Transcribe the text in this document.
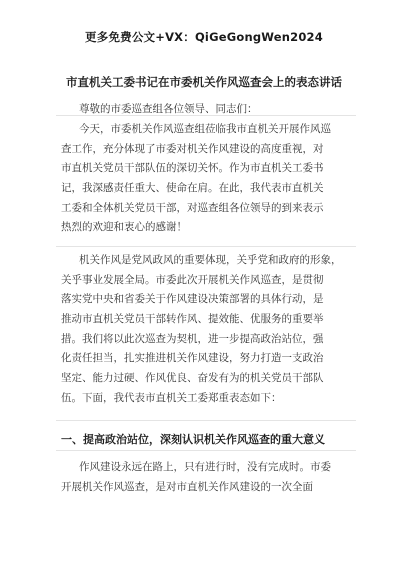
更多免费公文+VX：QiGeGongWen2024
市直机关工委书记在市委机关作风巡查会上的表态讲话
尊敬的市委巡查组各位领导、同志们：
今天，市委机关作风巡查组莅临我市直机关开展作风巡
查工作，充分体现了市委对机关作风建设的高度重视，对
市直机关党员干部队伍的深切关怀。作为市直机关工委书
记，我深感责任重大、使命在肩。在此，我代表市直机关
工委和全体机关党员干部，对巡查组各位领导的到来表示
热烈的欢迎和衷心的感谢！
机关作风是党风政风的重要体现，关乎党和政府的形象，
关乎事业发展全局。市委此次开展机关作风巡查，是贯彻
落实党中央和省委关于作风建设决策部署的具体行动，是
推动市直机关党员干部转作风、提效能、优服务的重要举
措。我们将以此次巡查为契机，进一步提高政治站位，强
化责任担当，扎实推进机关作风建设，努力打造一支政治
坚定、能力过硬、作风优良、奋发有为的机关党员干部队
伍。下面，我代表市直机关工委郑重表态如下：
一、提高政治站位，深刻认识机关作风巡查的重大意义
作风建设永远在路上，只有进行时，没有完成时。市委
开展机关作风巡查，是对市直机关作风建设的一次全面
